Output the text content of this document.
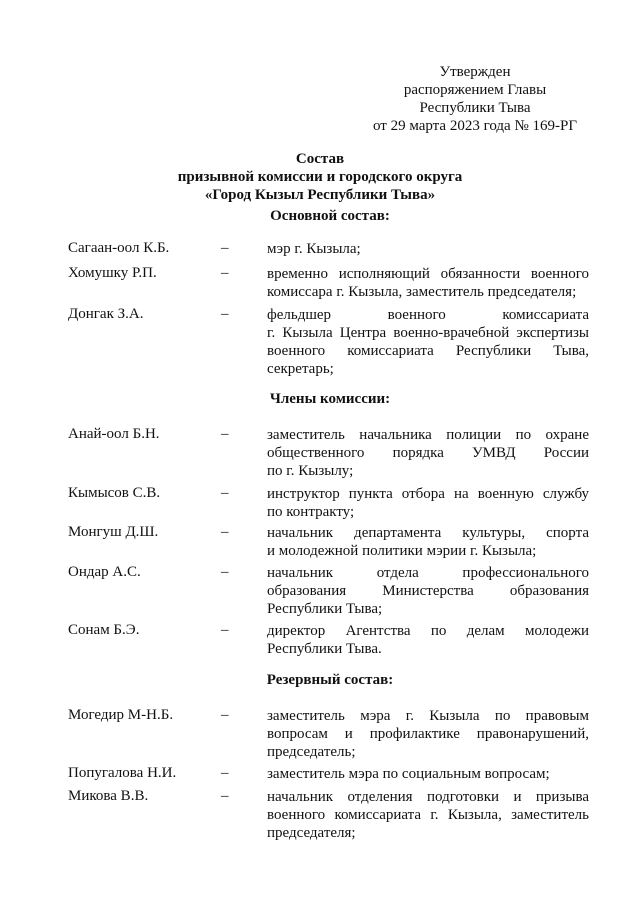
Утвержден
распоряжением Главы
Республики Тыва
от 29 марта 2023 года № 169-РГ
Состав
призывной комиссии и городского округа
«Город Кызыл Республики Тыва»
Основной состав:
Сагаан-оол К.Б.	–	мэр г. Кызыла;
Хомушку Р.П.	–	временно исполняющий обязанности военного
комиссара г. Кызыла, заместитель председателя;
Донгак З.А.	–	фельдшер военного комиссариата
г. Кызыла Центра военно-врачебной экспертизы
военного комиссариата Республики Тыва,
секретарь;
Члены комиссии:
Анай-оол Б.Н.	–	заместитель начальника полиции по охране
общественного порядка УМВД России
по г. Кызылу;
Кымысов С.В.	–	инструктор пункта отбора на военную службу
по контракту;
Монгуш Д.Ш.	–	начальник департамента культуры, спорта
и молодежной политики мэрии г. Кызыла;
Ондар А.С.	–	начальник отдела профессионального
образования Министерства образования
Республики Тыва;
Сонам Б.Э.	–	директор Агентства по делам молодежи
Республики Тыва.
Резервный состав:
Могедир М-Н.Б.	–	заместитель мэра г. Кызыла по правовым
вопросам и профилактике правонарушений,
председатель;
Попугалова Н.И.	–	заместитель мэра по социальным вопросам;
Микова В.В.	–	начальник отделения подготовки и призыва
военного комиссариата г. Кызыла, заместитель
председателя;
